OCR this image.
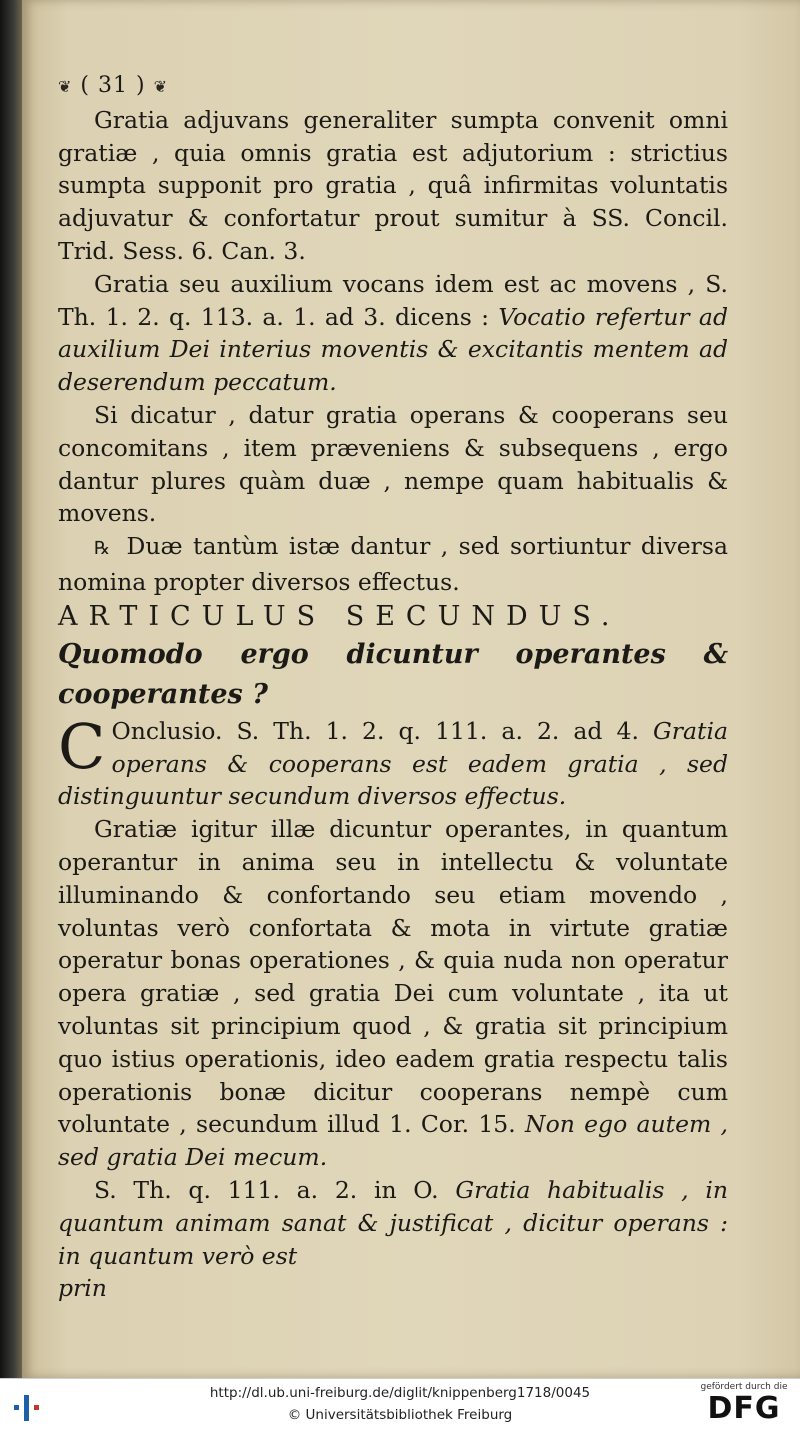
❦ ( 31 ) ❦

Gratia adjuvans generaliter sumpta convenit omni gratiæ , quia omnis gratia est adjutorium : strictius sumpta supponit pro gratia , quâ infirmitas voluntatis adjuvatur & confortatur prout sumitur à SS. Concil. Trid. Sess. 6. Can. 3.

Gratia seu auxilium vocans idem est ac movens , S. Th. 1. 2. q. 113. a. 1. ad 3. dicens : Vocatio refertur ad auxilium Dei interius moventis & excitantis mentem ad deserendum peccatum.

Si dicatur , datur gratia operans & cooperans seu concomitans , item præveniens & subsequens , ergo dantur plures quàm duæ , nempe quam habitualis & movens.

℞ Duæ tantùm istæ dantur , sed sortiuntur diversa nomina propter diversos effectus.

ARTICULUS SECUNDUS.

Quomodo ergo dicuntur operantes & cooperantes ?

C Onclusio. S. Th. 1. 2. q. 111. a. 2. ad 4. Gratia operans & cooperans est eadem gratia , sed distinguuntur secundum diversos effectus.

Gratiæ igitur illæ dicuntur operantes, in quantum operantur in anima seu in intellectu & voluntate illuminando & confortando seu etiam movendo , voluntas verò confortata & mota in virtute gratiæ operatur bonas operationes , & quia nuda non operatur opera gratiæ , sed gratia Dei cum voluntate , ita ut voluntas sit principium quod , & gratia sit principium quo istius operationis, ideo eadem gratia respectu talis operationis bonæ dicitur cooperans nempè cum voluntate , secundum illud 1. Cor. 15. Non ego autem , sed gratia Dei mecum.

S. Th. q. 111. a. 2. in O. Gratia habitualis , in quantum animam sanat & justificat , dicitur operans : in quantum verò est

prin

http://dl.ub.uni-freiburg.de/diglit/knippenberg1718/0045
© Universitätsbibliothek Freiburg
gefördert durch die
DFG
